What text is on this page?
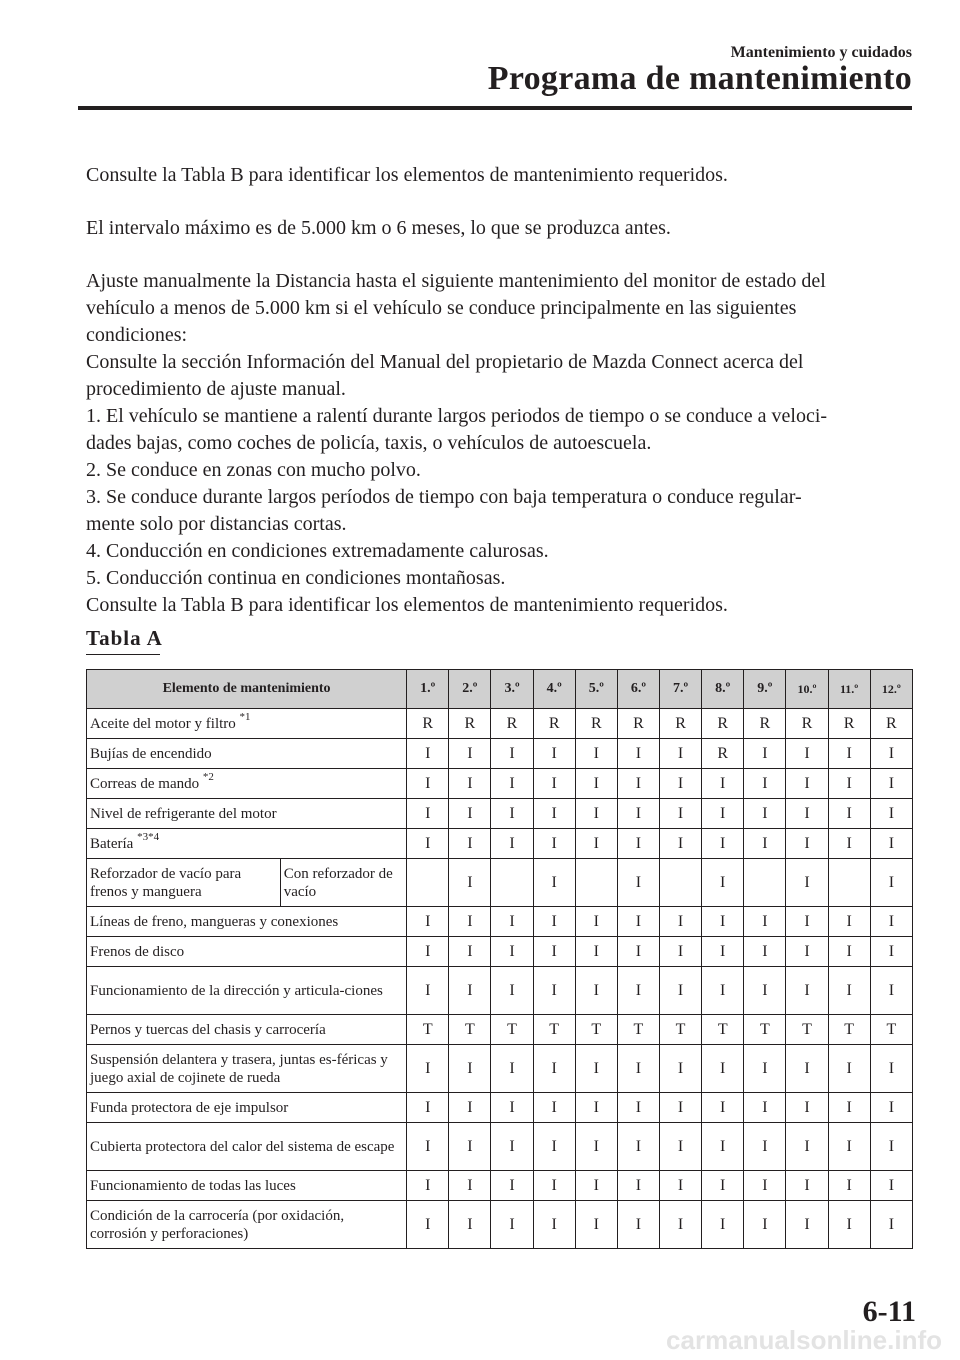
Mantenimiento y cuidados
Programa de mantenimiento

Consulte la Tabla B para identificar los elementos de mantenimiento requeridos.

El intervalo máximo es de 5.000 km o 6 meses, lo que se produzca antes.

Ajuste manualmente la Distancia hasta el siguiente mantenimiento del monitor de estado del
vehículo a menos de 5.000 km si el vehículo se conduce principalmente en las siguientes
condiciones:
Consulte la sección Información del Manual del propietario de Mazda Connect acerca del
procedimiento de ajuste manual.
1. El vehículo se mantiene a ralentí durante largos periodos de tiempo o se conduce a veloci-
dades bajas, como coches de policía, taxis, o vehículos de autoescuela.
2. Se conduce en zonas con mucho polvo.
3. Se conduce durante largos períodos de tiempo con baja temperatura o conduce regular-
mente solo por distancias cortas.
4. Conducción en condiciones extremadamente calurosas.
5. Conducción continua en condiciones montañosas.
Consulte la Tabla B para identificar los elementos de mantenimiento requeridos.
Tabla A
Elemento de mantenimiento		1.º	2.º	3.º	4.º	5.º	6.º	7.º	8.º	9.º	10.º	11.º	12.º
Aceite del motor y filtro $^{*1}$		R	R	R	R	R	R	R	R	R	R	R	R
Bujías de encendido		I	I	I	I	I	I	I	R	I	I	I	I
Correas de mando $^{*2}$		I	I	I	I	I	I	I	I	I	I	I	I
Nivel de refrigerante del motor		I	I	I	I	I	I	I	I	I	I	I	I
Batería $^{*3*4}$		I	I	I	I	I	I	I	I	I	I	I	I
Reforzador de vacío para frenos y manguera	Con reforzador de vacío		I		I		I		I		I		I
Líneas de freno, mangueras y conexiones		I	I	I	I	I	I	I	I	I	I	I	I
Frenos de disco		I	I	I	I	I	I	I	I	I	I	I	I
Funcionamiento de la dirección y articula-ciones		I	I	I	I	I	I	I	I	I	I	I	I
Pernos y tuercas del chasis y carrocería		T	T	T	T	T	T	T	T	T	T	T	T
Suspensión delantera y trasera, juntas es-féricas y juego axial de cojinete de rueda		I	I	I	I	I	I	I	I	I	I	I	I
Funda protectora de eje impulsor		I	I	I	I	I	I	I	I	I	I	I	I
Cubierta protectora del calor del sistema de escape		I	I	I	I	I	I	I	I	I	I	I	I
Funcionamiento de todas las luces		I	I	I	I	I	I	I	I	I	I	I	I
Condición de la carrocería (por oxidación, corrosión y perforaciones)		I	I	I	I	I	I	I	I	I	I	I	I
6-11
carmanualsonline.info
